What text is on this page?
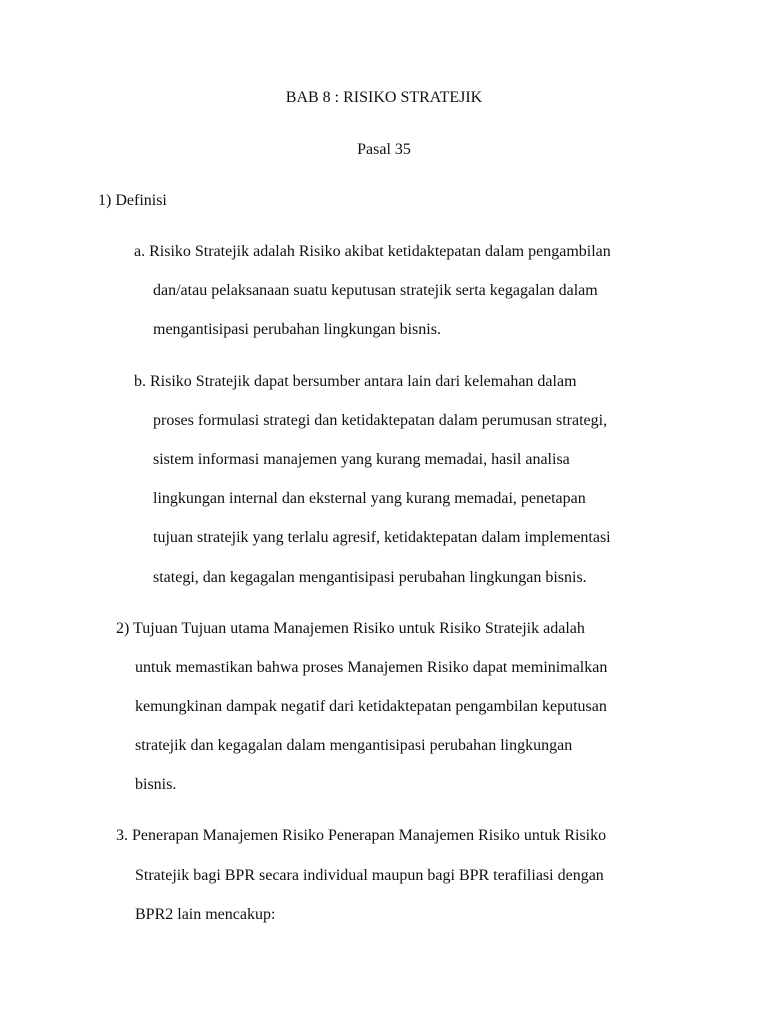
BAB 8 : RISIKO STRATEJIK
Pasal 35
1) Definisi
a. Risiko Stratejik adalah Risiko akibat ketidaktepatan dalam pengambilan
dan/atau pelaksanaan suatu keputusan stratejik serta kegagalan dalam
mengantisipasi perubahan lingkungan bisnis.
b. Risiko Stratejik dapat bersumber antara lain dari kelemahan dalam
proses formulasi strategi dan ketidaktepatan dalam perumusan strategi,
sistem informasi manajemen yang kurang memadai, hasil analisa
lingkungan internal dan eksternal yang kurang memadai, penetapan
tujuan stratejik yang terlalu agresif, ketidaktepatan dalam implementasi
stategi, dan kegagalan mengantisipasi perubahan lingkungan bisnis.
2) Tujuan Tujuan utama Manajemen Risiko untuk Risiko Stratejik adalah
untuk memastikan bahwa proses Manajemen Risiko dapat meminimalkan
kemungkinan dampak negatif dari ketidaktepatan pengambilan keputusan
stratejik dan kegagalan dalam mengantisipasi perubahan lingkungan
bisnis.
3. Penerapan Manajemen Risiko Penerapan Manajemen Risiko untuk Risiko
Stratejik bagi BPR secara individual maupun bagi BPR terafiliasi dengan
BPR2 lain mencakup:
